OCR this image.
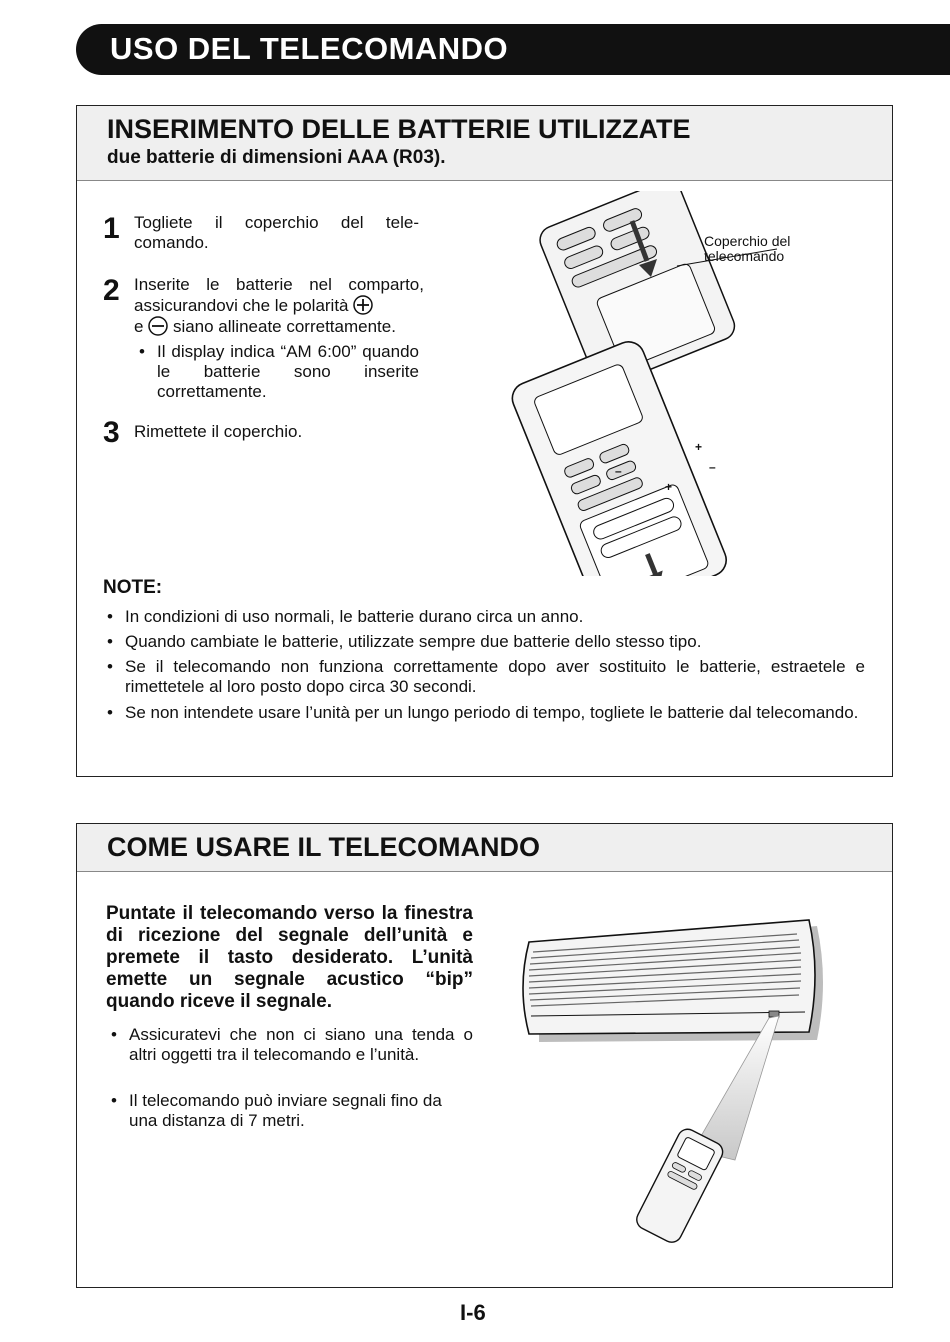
USO DEL TELECOMANDO
INSERIMENTO DELLE BATTERIE UTILIZZATE
due batterie di dimensioni AAA (R03).
1 Togliete il coperchio del tele-comando.
2 Inserite le batterie nel comparto, assicurandovi che le polarità
e siano allineate correttamente.
• Il display indica “AM 6:00” quando le batterie sono inserite correttamente.
3 Rimettete il coperchio.
–
+
–
+
Coperchio del
telecomando
NOTE:
• In condizioni di uso normali, le batterie durano circa un anno.
• Quando cambiate le batterie, utilizzate sempre due batterie dello stesso tipo.
• Se il telecomando non funziona correttamente dopo aver sostituito le batterie, estraetele e rimettetele al loro posto dopo circa 30 secondi.
• Se non intendete usare l’unità per un lungo periodo di tempo, togliete le batterie dal telecomando.
COME USARE IL TELECOMANDO
Puntate il telecomando verso la finestra di ricezione del segnale dell’unità e premete il tasto desiderato. L’unità emette un segnale acustico “bip” quando riceve il segnale.
• Assicuratevi che non ci siano una tenda o altri oggetti tra il telecomando e l’unità.
• Il telecomando può inviare segnali fino da una distanza di 7 metri.
I-6
